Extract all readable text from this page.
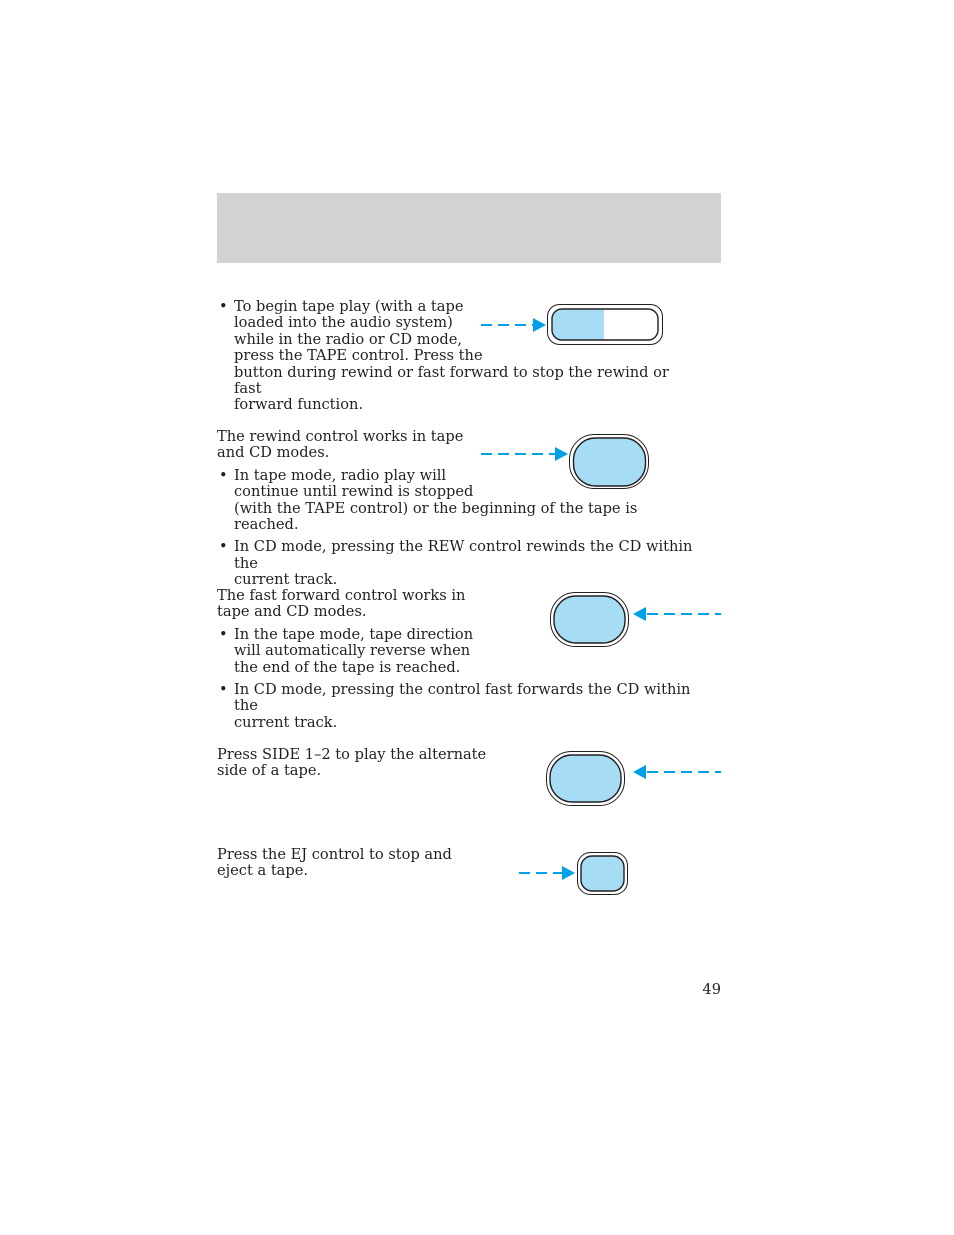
• To begin tape play (with a tape
loaded into the audio system)
while in the radio or CD mode,
press the TAPE control. Press the
button during rewind or fast forward to stop the rewind or fast
forward function.

The rewind control works in tape
and CD modes.

• In tape mode, radio play will
continue until rewind is stopped
(with the TAPE control) or the beginning of the tape is reached.
• In CD mode, pressing the REW control rewinds the CD within the
current track.

The fast forward control works in
tape and CD modes.

• In the tape mode, tape direction
will automatically reverse when
the end of the tape is reached.
• In CD mode, pressing the control fast forwards the CD within the
current track.

Press SIDE 1–2 to play the alternate
side of a tape.

Press the EJ control to stop and
eject a tape.

49
